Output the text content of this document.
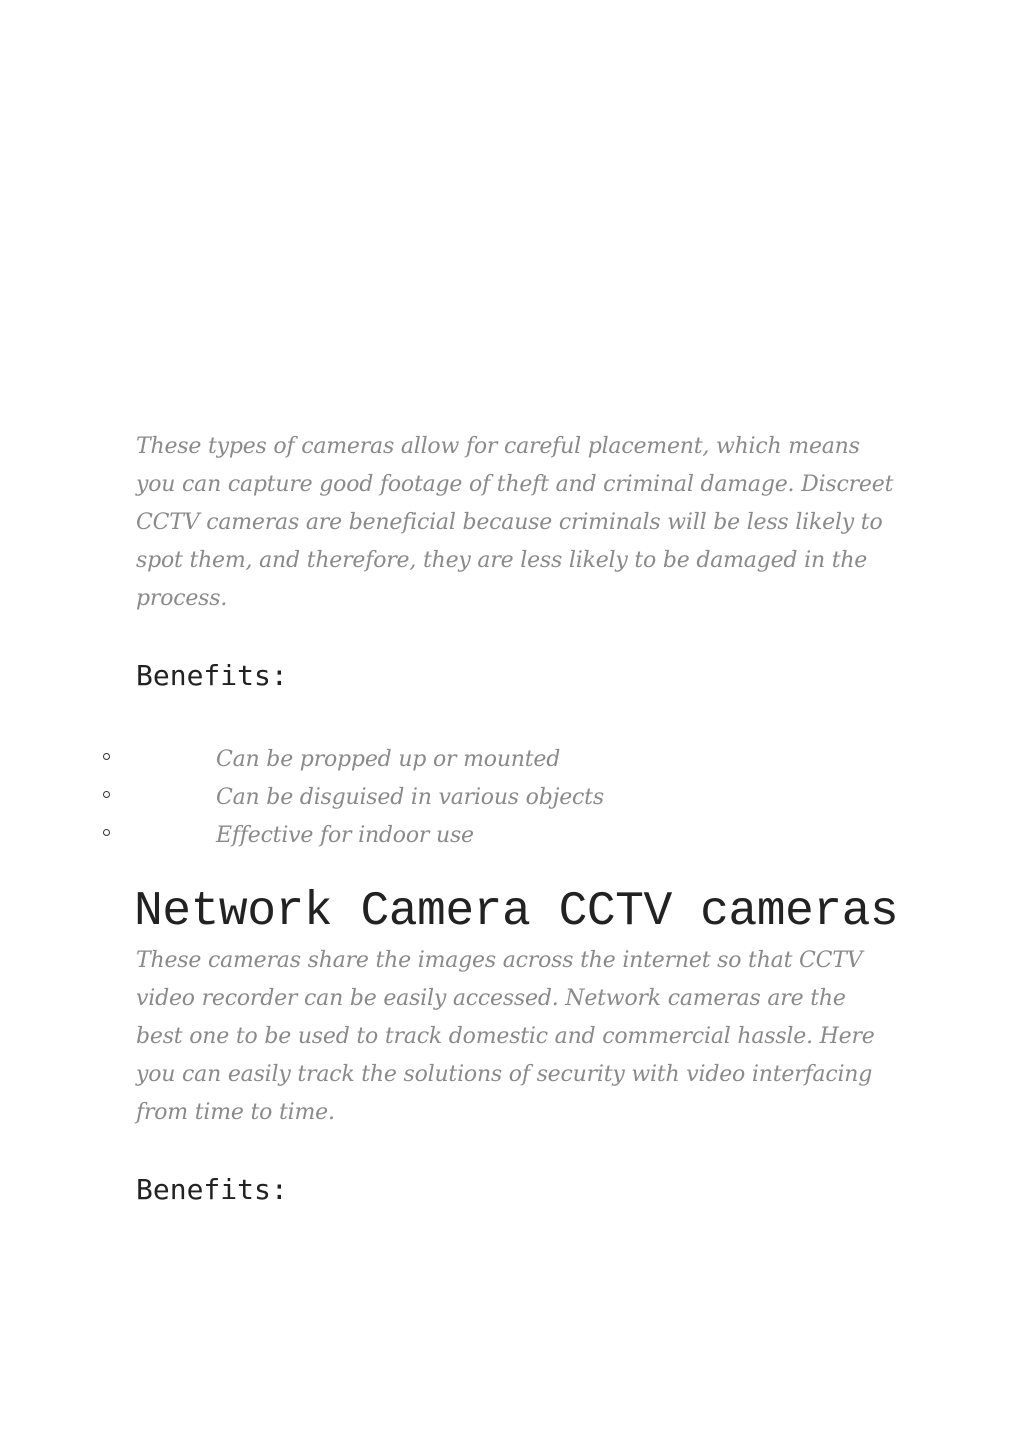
These types of cameras allow for careful placement, which means you can capture good footage of theft and criminal damage. Discreet CCTV cameras are beneficial because criminals will be less likely to spot them, and therefore, they are less likely to be damaged in the process.

Benefits:
Can be propped up or mounted
Can be disguised in various objects
Effective for indoor use
Network Camera CCTV cameras

These cameras share the images across the internet so that CCTV video recorder can be easily accessed. Network cameras are the best one to be used to track domestic and commercial hassle. Here you can easily track the solutions of security with video interfacing from time to time.

Benefits:
